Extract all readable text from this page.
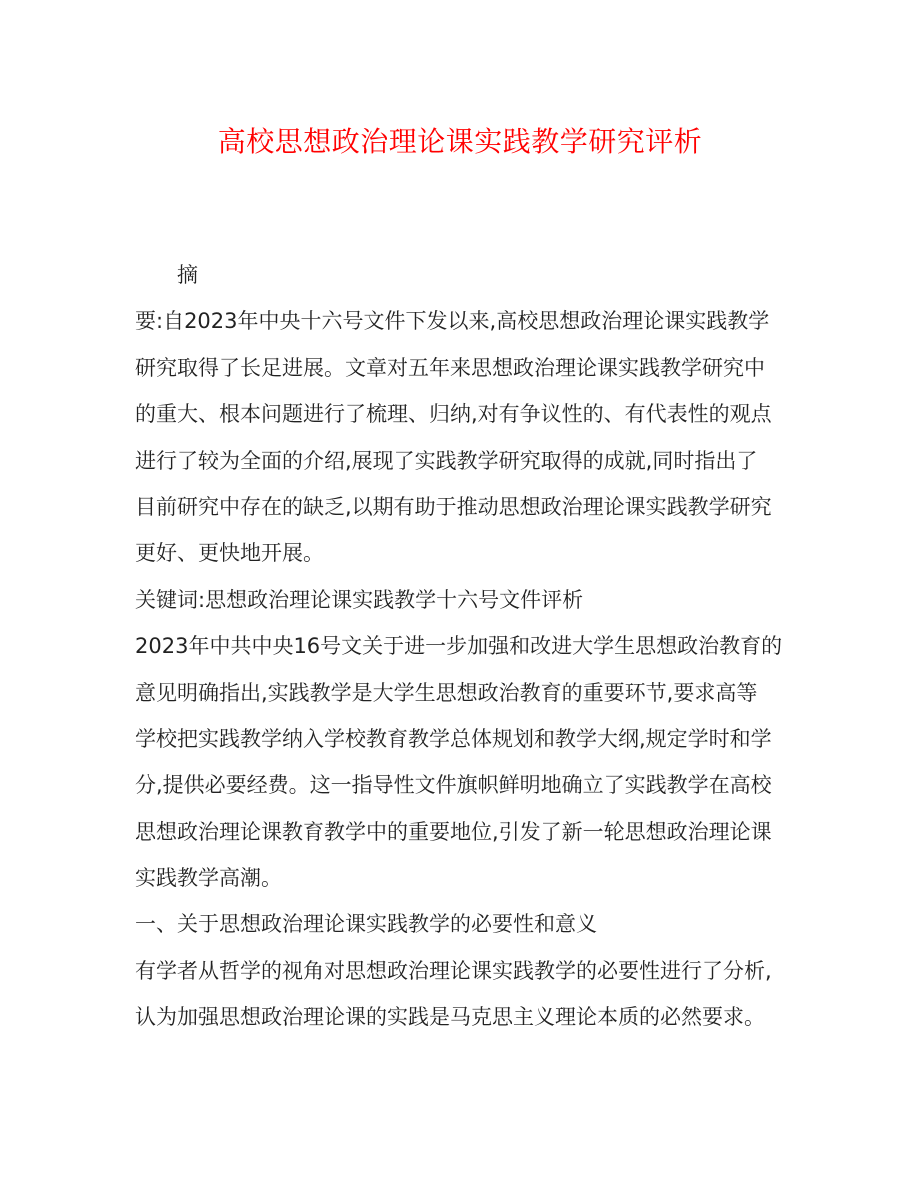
高校思想政治理论课实践教学研究评析
摘
要:自2023年中央十六号文件下发以来,高校思想政治理论课实践教学
研究取得了长足进展。文章对五年来思想政治理论课实践教学研究中
的重大、根本问题进行了梳理、归纳,对有争议性的、有代表性的观点
进行了较为全面的介绍,展现了实践教学研究取得的成就,同时指出了
目前研究中存在的缺乏,以期有助于推动思想政治理论课实践教学研究
更好、更快地开展。
关键词:思想政治理论课实践教学十六号文件评析
2023年中共中央16号文关于进一步加强和改进大学生思想政治教育的
意见明确指出,实践教学是大学生思想政治教育的重要环节,要求高等
学校把实践教学纳入学校教育教学总体规划和教学大纲,规定学时和学
分,提供必要经费。这一指导性文件旗帜鲜明地确立了实践教学在高校
思想政治理论课教育教学中的重要地位,引发了新一轮思想政治理论课
实践教学高潮。
一、关于思想政治理论课实践教学的必要性和意义
有学者从哲学的视角对思想政治理论课实践教学的必要性进行了分析,
认为加强思想政治理论课的实践是马克思主义理论本质的必然要求。
